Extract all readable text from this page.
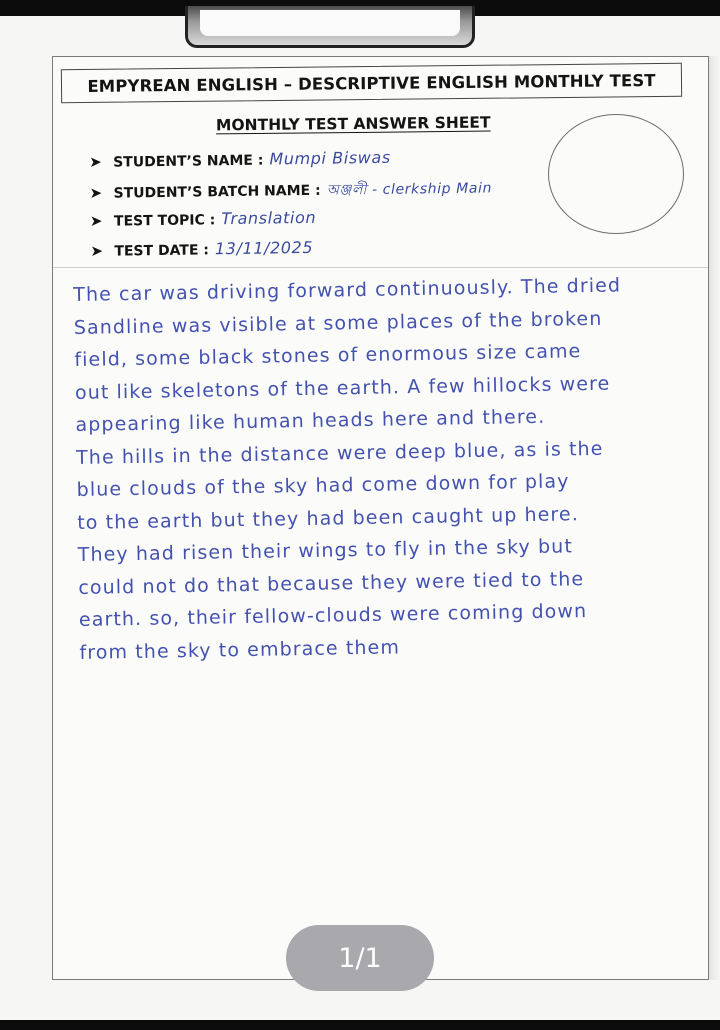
EMPYREAN ENGLISH – DESCRIPTIVE ENGLISH MONTHLY TEST
MONTHLY TEST ANSWER SHEET
➤ STUDENT’S NAME : Mumpi Biswas
➤ STUDENT’S BATCH NAME : অঞ্জলী - clerkship Main
➤ TEST TOPIC : Translation
➤ TEST DATE : 13/11/2025
The car was driving forward continuously. The dried
Sandline was visible at some places of the broken
field, some black stones of enormous size came
out like skeletons of the earth. A few hillocks were
appearing like human heads here and there.
The hills in the distance were deep blue, as is the
blue clouds of the sky had come down for play
to the earth but they had been caught up here.
They had risen their wings to fly in the sky but
could not do that because they were tied to the
earth. so, their fellow-clouds were coming down
from the sky to embrace them
1/1
